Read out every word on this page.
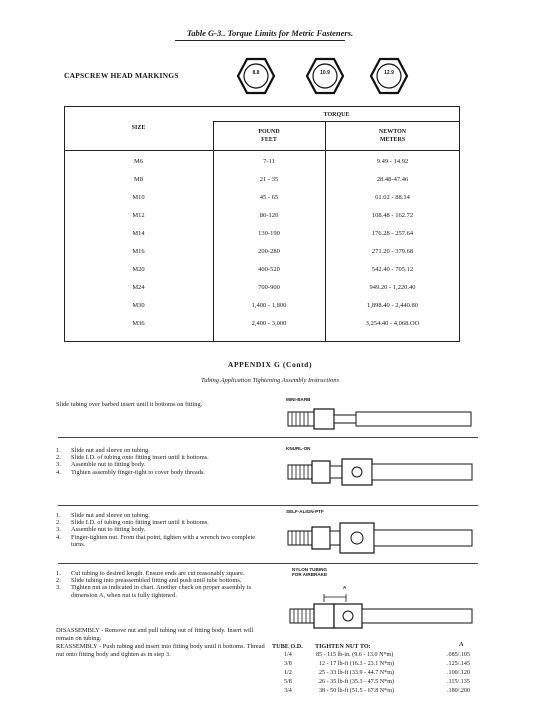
Table G-3.. Torque Limits for Metric Fasteners.
CAPSCREW HEAD MARKINGS	8.8	10.9	12.9
TORQUE
SIZE
POUND
FEET
NEWTON
METERS
M6	7-11	9.49 - 14.92
M8	21 - 35	28.48-47.46
M10	45 - 65	61.02 - 88.14
M12	80-120	108.48 - 162.72
M14	130-190	176.28 - 257.64
M16	200-280	271.20 - 379.68
M20	400-520	542.40 - 705.12
M24	700-900	949.20 - 1,220.40
M30	1,400 - 1,800	1,898.40 - 2,440.80
M36	2,400 - 3,000	3,254.40 - 4,068.OO
APPENDIX G (Contd)
Tubing Application Tightening Assembly Instructions
Slide tubing over barbed insert until it bottoms on fitting.
MINI-BARB
1. Slide nut and sleeve on tubing.
2. Slide I.D. of tubing onto fitting insert until it bottoms.
3. Assemble nut to fitting body.
4. Tighten assembly finger-tight to cover body threads.
KNURL-ON
1. Slide nut and sleeve on tubing.
2. Slide I.D. of tubing onto fitting insert until it bottoms.
3. Assemble nut to fitting body.
4. Finger-tighten nut. From that point, tighten with a wrench two complete turns.
SELF-ALIGN-PTF
1. Cut tubing to desired length. Ensure ends are cut reasonably square.
2. Slide tubing into preassembled fitting and push until tube bottoms.
3. Tighten nut as indicated in chart. Another check on proper assembly is dimension A, when nut is fully tightened.
DISASSEMBLY - Remove nut and pull tubing out of fitting body. Insert will remain on tubing.
REASSEMBLY - Push tubing and insert into fitting body until it bottoms. Thread nut onto fitting body and tighten as in step 3.
NYLON TUBING
FOR AIRBRAKE
A
TUBE O.D. TIGHTEN NUT TO:	A
1/4	85 - 115 lb-in. (9.6 - 13.0 N*m)	.085/.105
3/8	12 - 17 lb-ft (16.3 - 23.1 N*m)	.125/.145
1/2	25 - 33 lb-ft (33.9 - 44.7 N*m)	.100/.120
5/8	26 - 35 lb-ft (35.3 - 47.5 N*m)	.115/.135
3/4	38 - 50 lb-ft (51.5 - 67.8 N*m)	.180/.200
